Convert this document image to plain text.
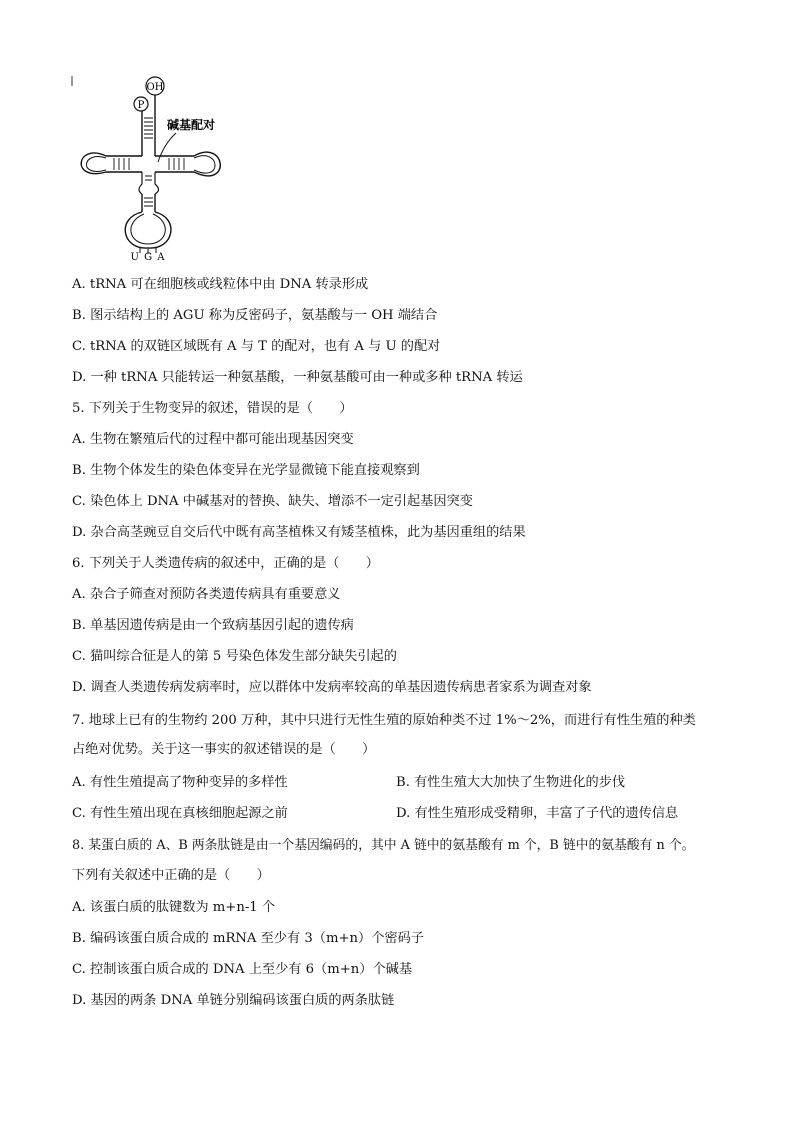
OH
P
碱基配对
U G A
A. tRNA 可在细胞核或线粒体中由 DNA 转录形成
B. 图示结构上的 AGU 称为反密码子，氨基酸与一 OH 端结合
C. tRNA 的双链区域既有 A 与 T 的配对，也有 A 与 U 的配对
D. 一种 tRNA 只能转运一种氨基酸，一种氨基酸可由一种或多种 tRNA 转运
5. 下列关于生物变异的叙述，错误的是（　　）
A. 生物在繁殖后代的过程中都可能出现基因突变
B. 生物个体发生的染色体变异在光学显微镜下能直接观察到
C. 染色体上 DNA 中碱基对的替换、缺失、增添不一定引起基因突变
D. 杂合高茎豌豆自交后代中既有高茎植株又有矮茎植株，此为基因重组的结果
6. 下列关于人类遗传病的叙述中，正确的是（　　）
A. 杂合子筛查对预防各类遗传病具有重要意义
B. 单基因遗传病是由一个致病基因引起的遗传病
C. 猫叫综合征是人的第 5 号染色体发生部分缺失引起的
D. 调查人类遗传病发病率时，应以群体中发病率较高的单基因遗传病患者家系为调查对象
7. 地球上已有的生物约 200 万种，其中只进行无性生殖的原始种类不过 1%～2%，而进行有性生殖的种类
占绝对优势。关于这一事实的叙述错误的是（　　）
A. 有性生殖提高了物种变异的多样性	B. 有性生殖大大加快了生物进化的步伐
C. 有性生殖出现在真核细胞起源之前	D. 有性生殖形成受精卵，丰富了子代的遗传信息
8. 某蛋白质的 A、B 两条肽链是由一个基因编码的，其中 A 链中的氨基酸有 m 个，B 链中的氨基酸有 n 个。
下列有关叙述中正确的是（　　）
A. 该蛋白质的肽键数为 m+n-1 个
B. 编码该蛋白质合成的 mRNA 至少有 3（m+n）个密码子
C. 控制该蛋白质合成的 DNA 上至少有 6（m+n）个碱基
D. 基因的两条 DNA 单链分别编码该蛋白质的两条肽链
